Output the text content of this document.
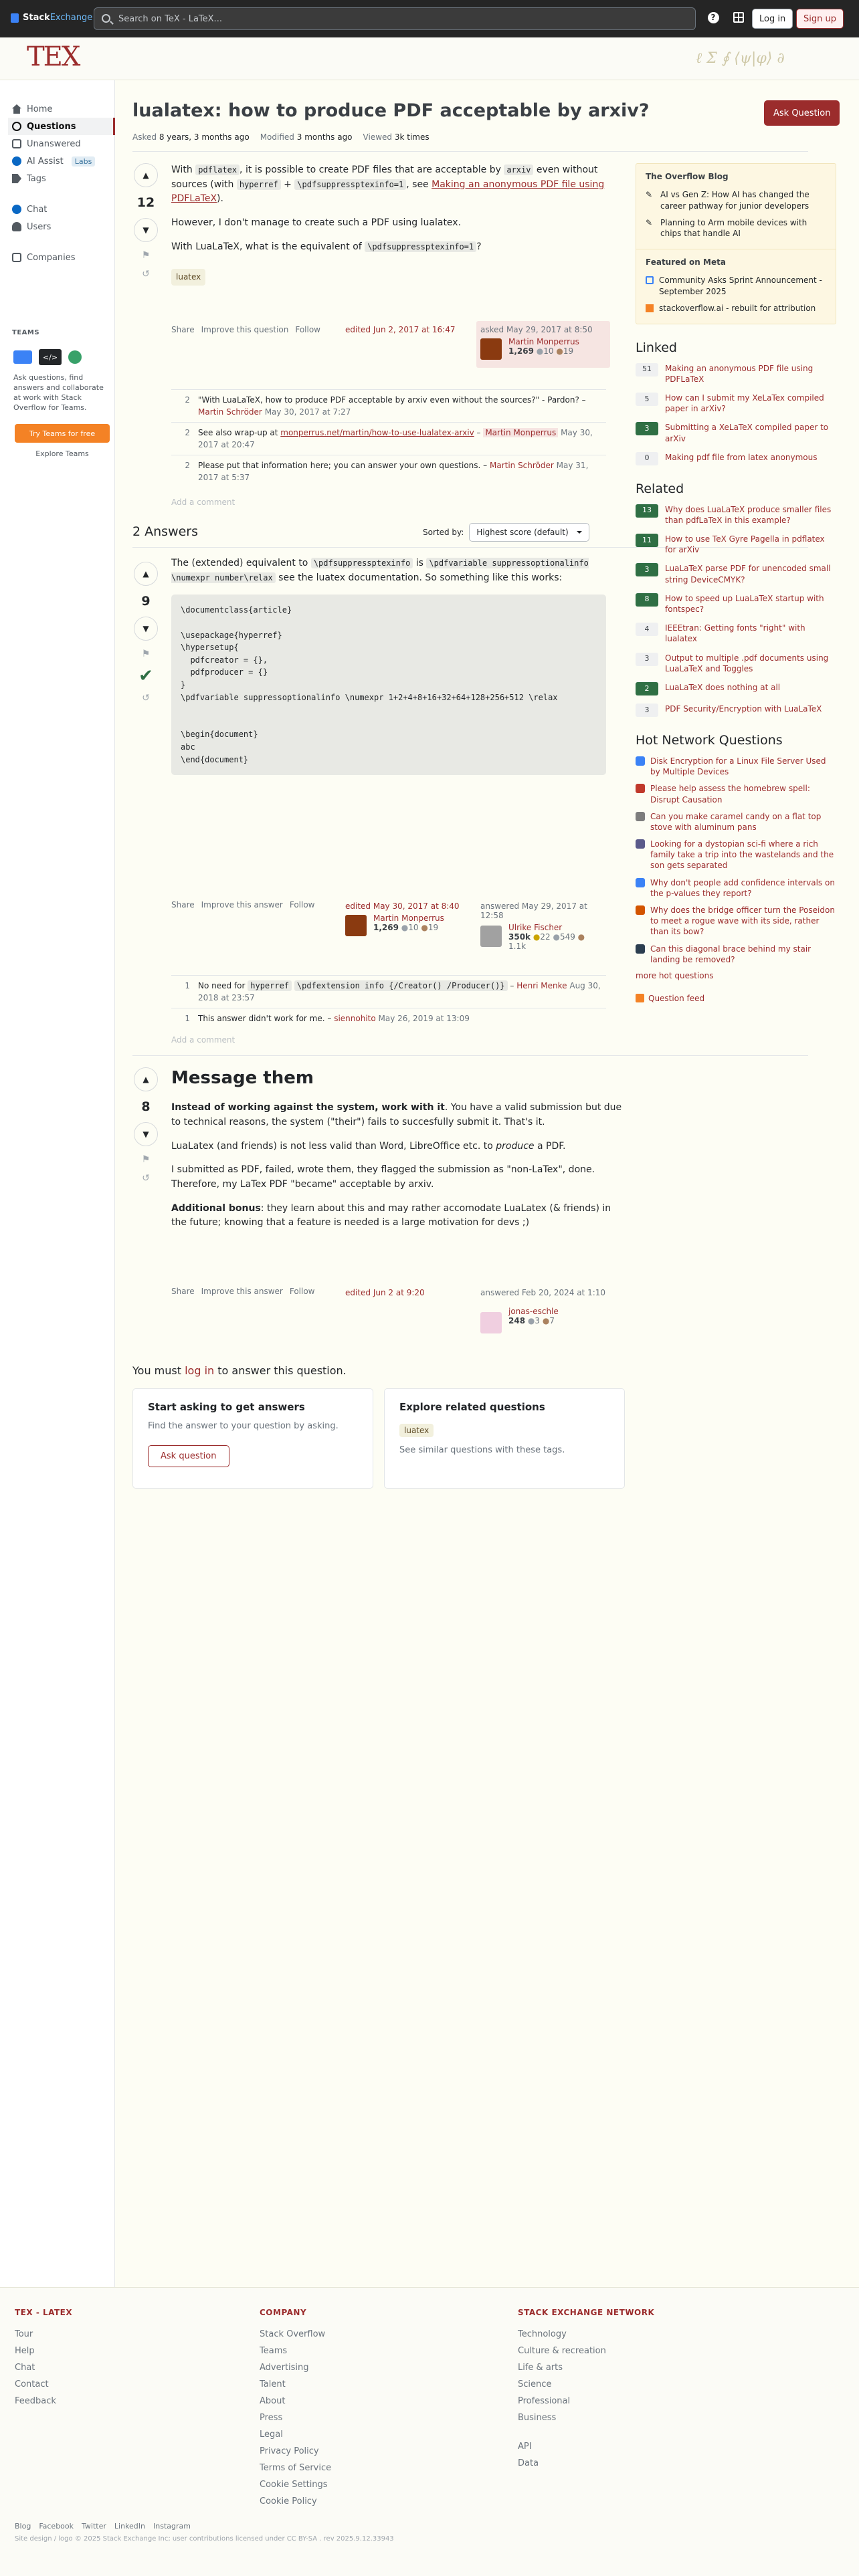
StackExchange	Search on TeX - LaTeX...	?	Log in	Sign up
TEX	ℓ Σ ∮ ⟨ψ|φ⟩ ∂
Home
Questions
Unanswered
AI Assist	Labs
Tags
Chat
Users
Companies
TEAMS
</>
Ask questions, find answers and collaborate at work with Stack Overflow for Teams.
Try Teams for free
Explore Teams
lualatex: how to produce PDF acceptable by arxiv?	Ask Question
Asked 8 years, 3 months ago Modified 3 months ago Viewed 3k times
▲
12
▼
⚑
↺

With pdflatex , it is possible to create PDF files that are acceptable by arxiv even without sources (with hyperref + \pdfsuppressptexinfo=1 , see Making an anonymous PDF file using PDFLaTeX).

However, I don't manage to create such a PDF using lualatex.

With LuaLaTeX, what is the equivalent of \pdfsuppressptexinfo=1 ?

luatex
Share Improve this question Follow	edited Jun 2, 2017 at 16:47	asked May 29, 2017 at 8:50
Martin Monperrus
1,269 ●10 ●19
2 "With LuaLaTeX, how to produce PDF acceptable by arxiv even without the sources?" - Pardon? – Martin Schröder May 30, 2017 at 7:27
2 See also wrap-up at monperrus.net/martin/how-to-use-lualatex-arxiv – Martin Monperrus May 30, 2017 at 20:47
2 Please put that information here; you can answer your own questions. – Martin Schröder May 31, 2017 at 5:37
Add a comment
2 Answers	Sorted by:	Highest score (default)
▲
9
▼
⚑
✔
↺

The (extended) equivalent to \pdfsuppressptexinfo is \pdfvariable suppressoptionalinfo \numexpr number\relax see the luatex documentation. So something like this works:

\documentclass{article}

\usepackage{hyperref}
\hypersetup{
pdfcreator = {},
pdfproducer = {}
}
\pdfvariable suppressoptionalinfo \numexpr 1+2+4+8+16+32+64+128+256+512 \relax

\begin{document}
abc
\end{document}
Share Improve this answer Follow	edited May 30, 2017 at 8:40
Martin Monperrus
1,269 ●10 ●19
answered May 29, 2017 at 12:58
Ulrike Fischer
350k ●22 ●549 ●
1.1k
1 No need for hyperref \pdfextension info {/Creator() /Producer()} – Henri Menke Aug 30, 2018 at 23:57
1 This answer didn't work for me. – siennohito May 26, 2019 at 13:09
Add a comment
▲
8
▼
⚑
↺
Message them

Instead of working against the system, work with it. You have a valid submission but due to technical reasons, the system ("their") fails to succesfully submit it. That's it.

LuaLatex (and friends) is not less valid than Word, LibreOffice etc. to produce a PDF.

I submitted as PDF, failed, wrote them, they flagged the submission as "non-LaTex", done. Therefore, my LaTex PDF "became" acceptable by arxiv.

Additional bonus: they learn about this and may rather accomodate LuaLatex (& friends) in the future; knowing that a feature is needed is a large motivation for devs ;)

Share Improve this answer Follow	edited Jun 2 at 9:20	answered Feb 20, 2024 at 1:10
jonas-eschle
248 ●3 ●7
You must log in to answer this question.
Start asking to get answers

Find the answer to your question by asking.

Ask question
Explore related questions
luatex

See similar questions with these tags.

The Overflow Blog
✎ AI vs Gen Z: How AI has changed the career pathway for junior developers
✎ Planning to Arm mobile devices with chips that handle AI
Featured on Meta
Community Asks Sprint Announcement - September 2025
stackoverflow.ai - rebuilt for attribution
Linked
51	Making an anonymous PDF file using PDFLaTeX
5	How can I submit my XeLaTex compiled paper in arXiv?
3	Submitting a XeLaTeX compiled paper to arXiv
0	Making pdf file from latex anonymous
Related
13	Why does LuaLaTeX produce smaller files than pdfLaTeX in this example?
11	How to use TeX Gyre Pagella in pdflatex for arXiv
3	LuaLaTeX parse PDF for unencoded small string DeviceCMYK?
8	How to speed up LuaLaTeX startup with fontspec?
4	IEEEtran: Getting fonts "right" with lualatex
3	Output to multiple .pdf documents using LuaLaTeX and Toggles
2	LuaLaTeX does nothing at all
3	PDF Security/Encryption with LuaLaTeX
Hot Network Questions
Disk Encryption for a Linux File Server Used by Multiple Devices
Please help assess the homebrew spell: Disrupt Causation
Can you make caramel candy on a flat top stove with aluminum pans
Looking for a dystopian sci-fi where a rich family take a trip into the wastelands and the son gets separated
Why don't people add confidence intervals on the p-values they report?
Why does the bridge officer turn the Poseidon to meet a rogue wave with its side, rather than its bow?
Can this diagonal brace behind my stair landing be removed?
more hot questions
Question feed
TEX - LATEX
Tour
Help
Chat
Contact
Feedback
COMPANY
Stack Overflow
Teams
Advertising
Talent
About
Press
Legal
Privacy Policy
Terms of Service
Cookie Settings
Cookie Policy
STACK EXCHANGE NETWORK
Technology
Culture & recreation
Life & arts
Science
Professional
Business
API
Data
Blog Facebook Twitter LinkedIn Instagram
Site design / logo © 2025 Stack Exchange Inc; user contributions licensed under CC BY-SA . rev 2025.9.12.33943
